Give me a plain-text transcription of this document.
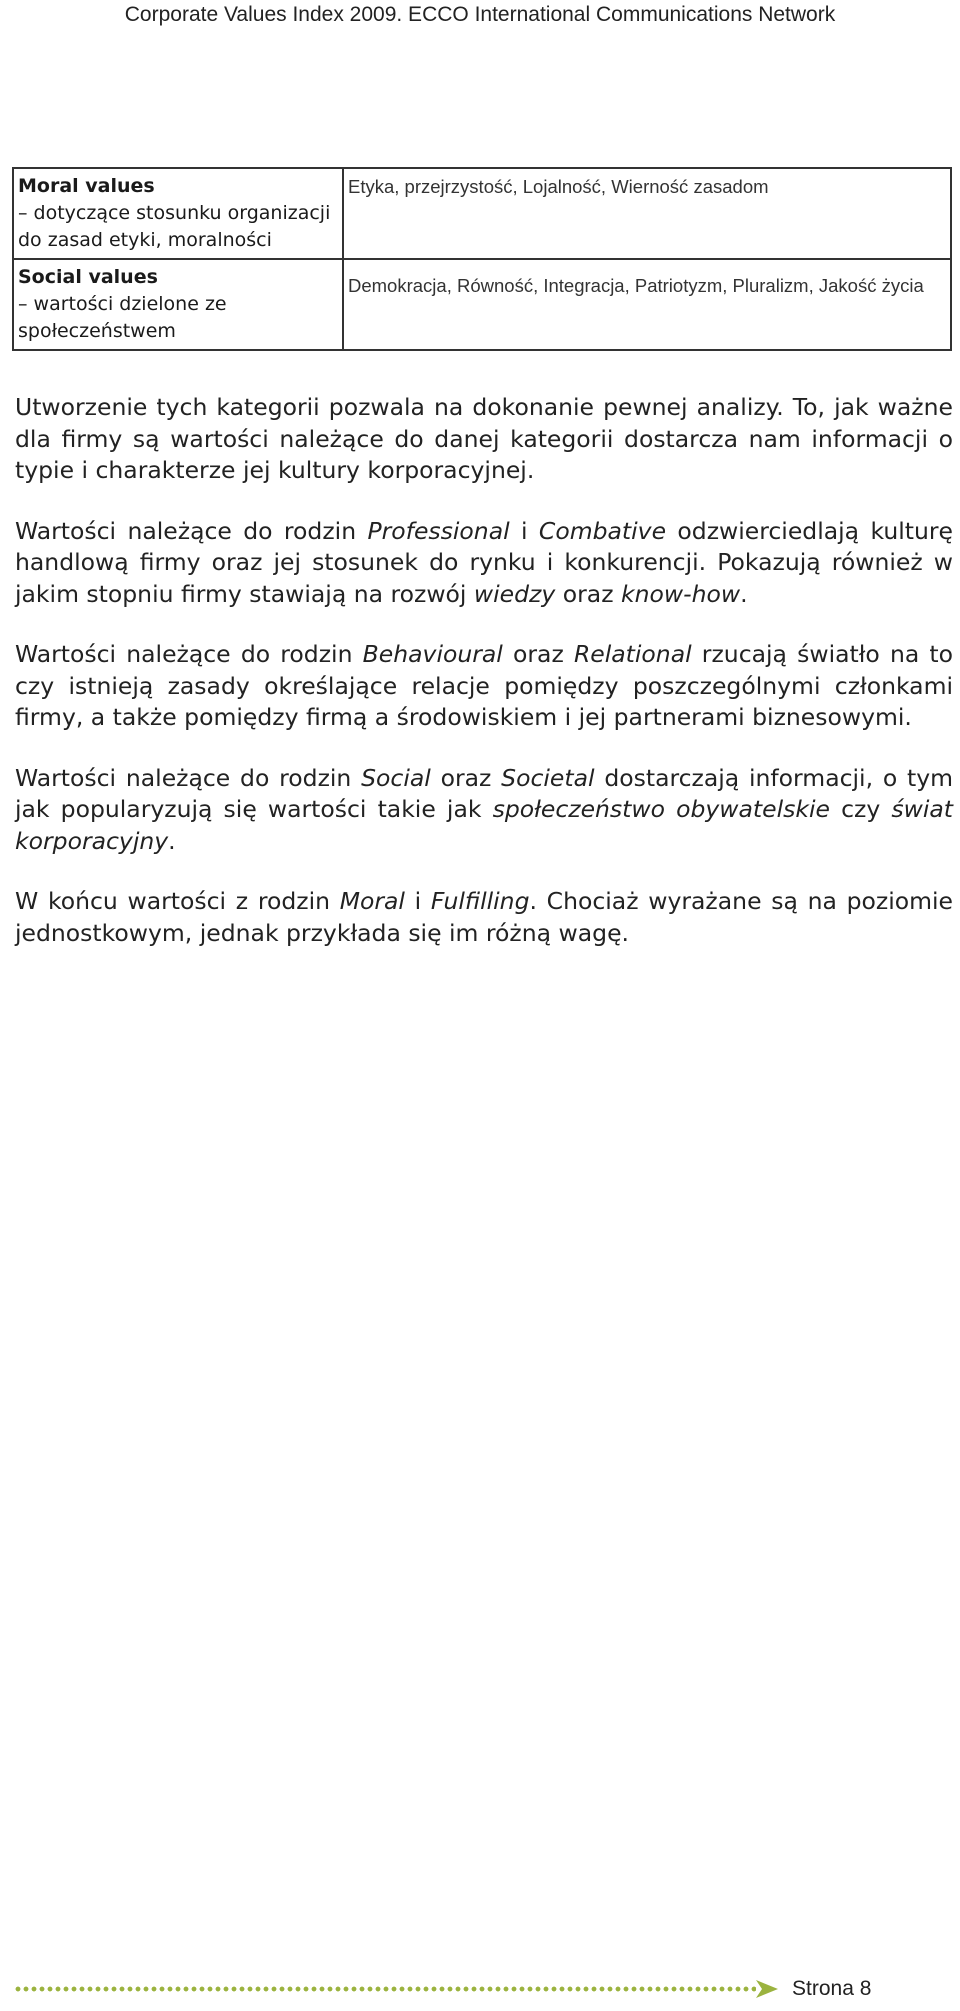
Corporate Values Index 2009. ECCO International Communications Network
Moral values
– dotyczące stosunku organizacji do zasad etyki, moralności	Etyka, przejrzystość, Lojalność, Wierność zasadom

Social values
– wartości dzielone ze społeczeństwem	Demokracja, Równość, Integracja, Patriotyzm, Pluralizm, Jakość życia

Utworzenie tych kategorii pozwala na dokonanie pewnej analizy. To, jak ważne dla firmy są wartości należące do danej kategorii dostarcza nam informacji o typie i charakterze jej kultury korporacyjnej.

Wartości należące do rodzin Professional i Combative odzwierciedlają kulturę handlową firmy oraz jej stosunek do rynku i konkurencji. Pokazują również w jakim stopniu firmy stawiają na rozwój wiedzy oraz know-how.

Wartości należące do rodzin Behavioural oraz Relational rzucają światło na to czy istnieją zasady określające relacje pomiędzy poszczególnymi członkami firmy, a także pomiędzy firmą a środowiskiem i jej partnerami biznesowymi.

Wartości należące do rodzin Social oraz Societal dostarczają informacji, o tym jak popularyzują się wartości takie jak społeczeństwo obywatelskie czy świat korporacyjny.

W końcu wartości z rodzin Moral i Fulfilling. Chociaż wyrażane są na poziomie jednostkowym, jednak przykłada się im różną wagę.

Strona 8
